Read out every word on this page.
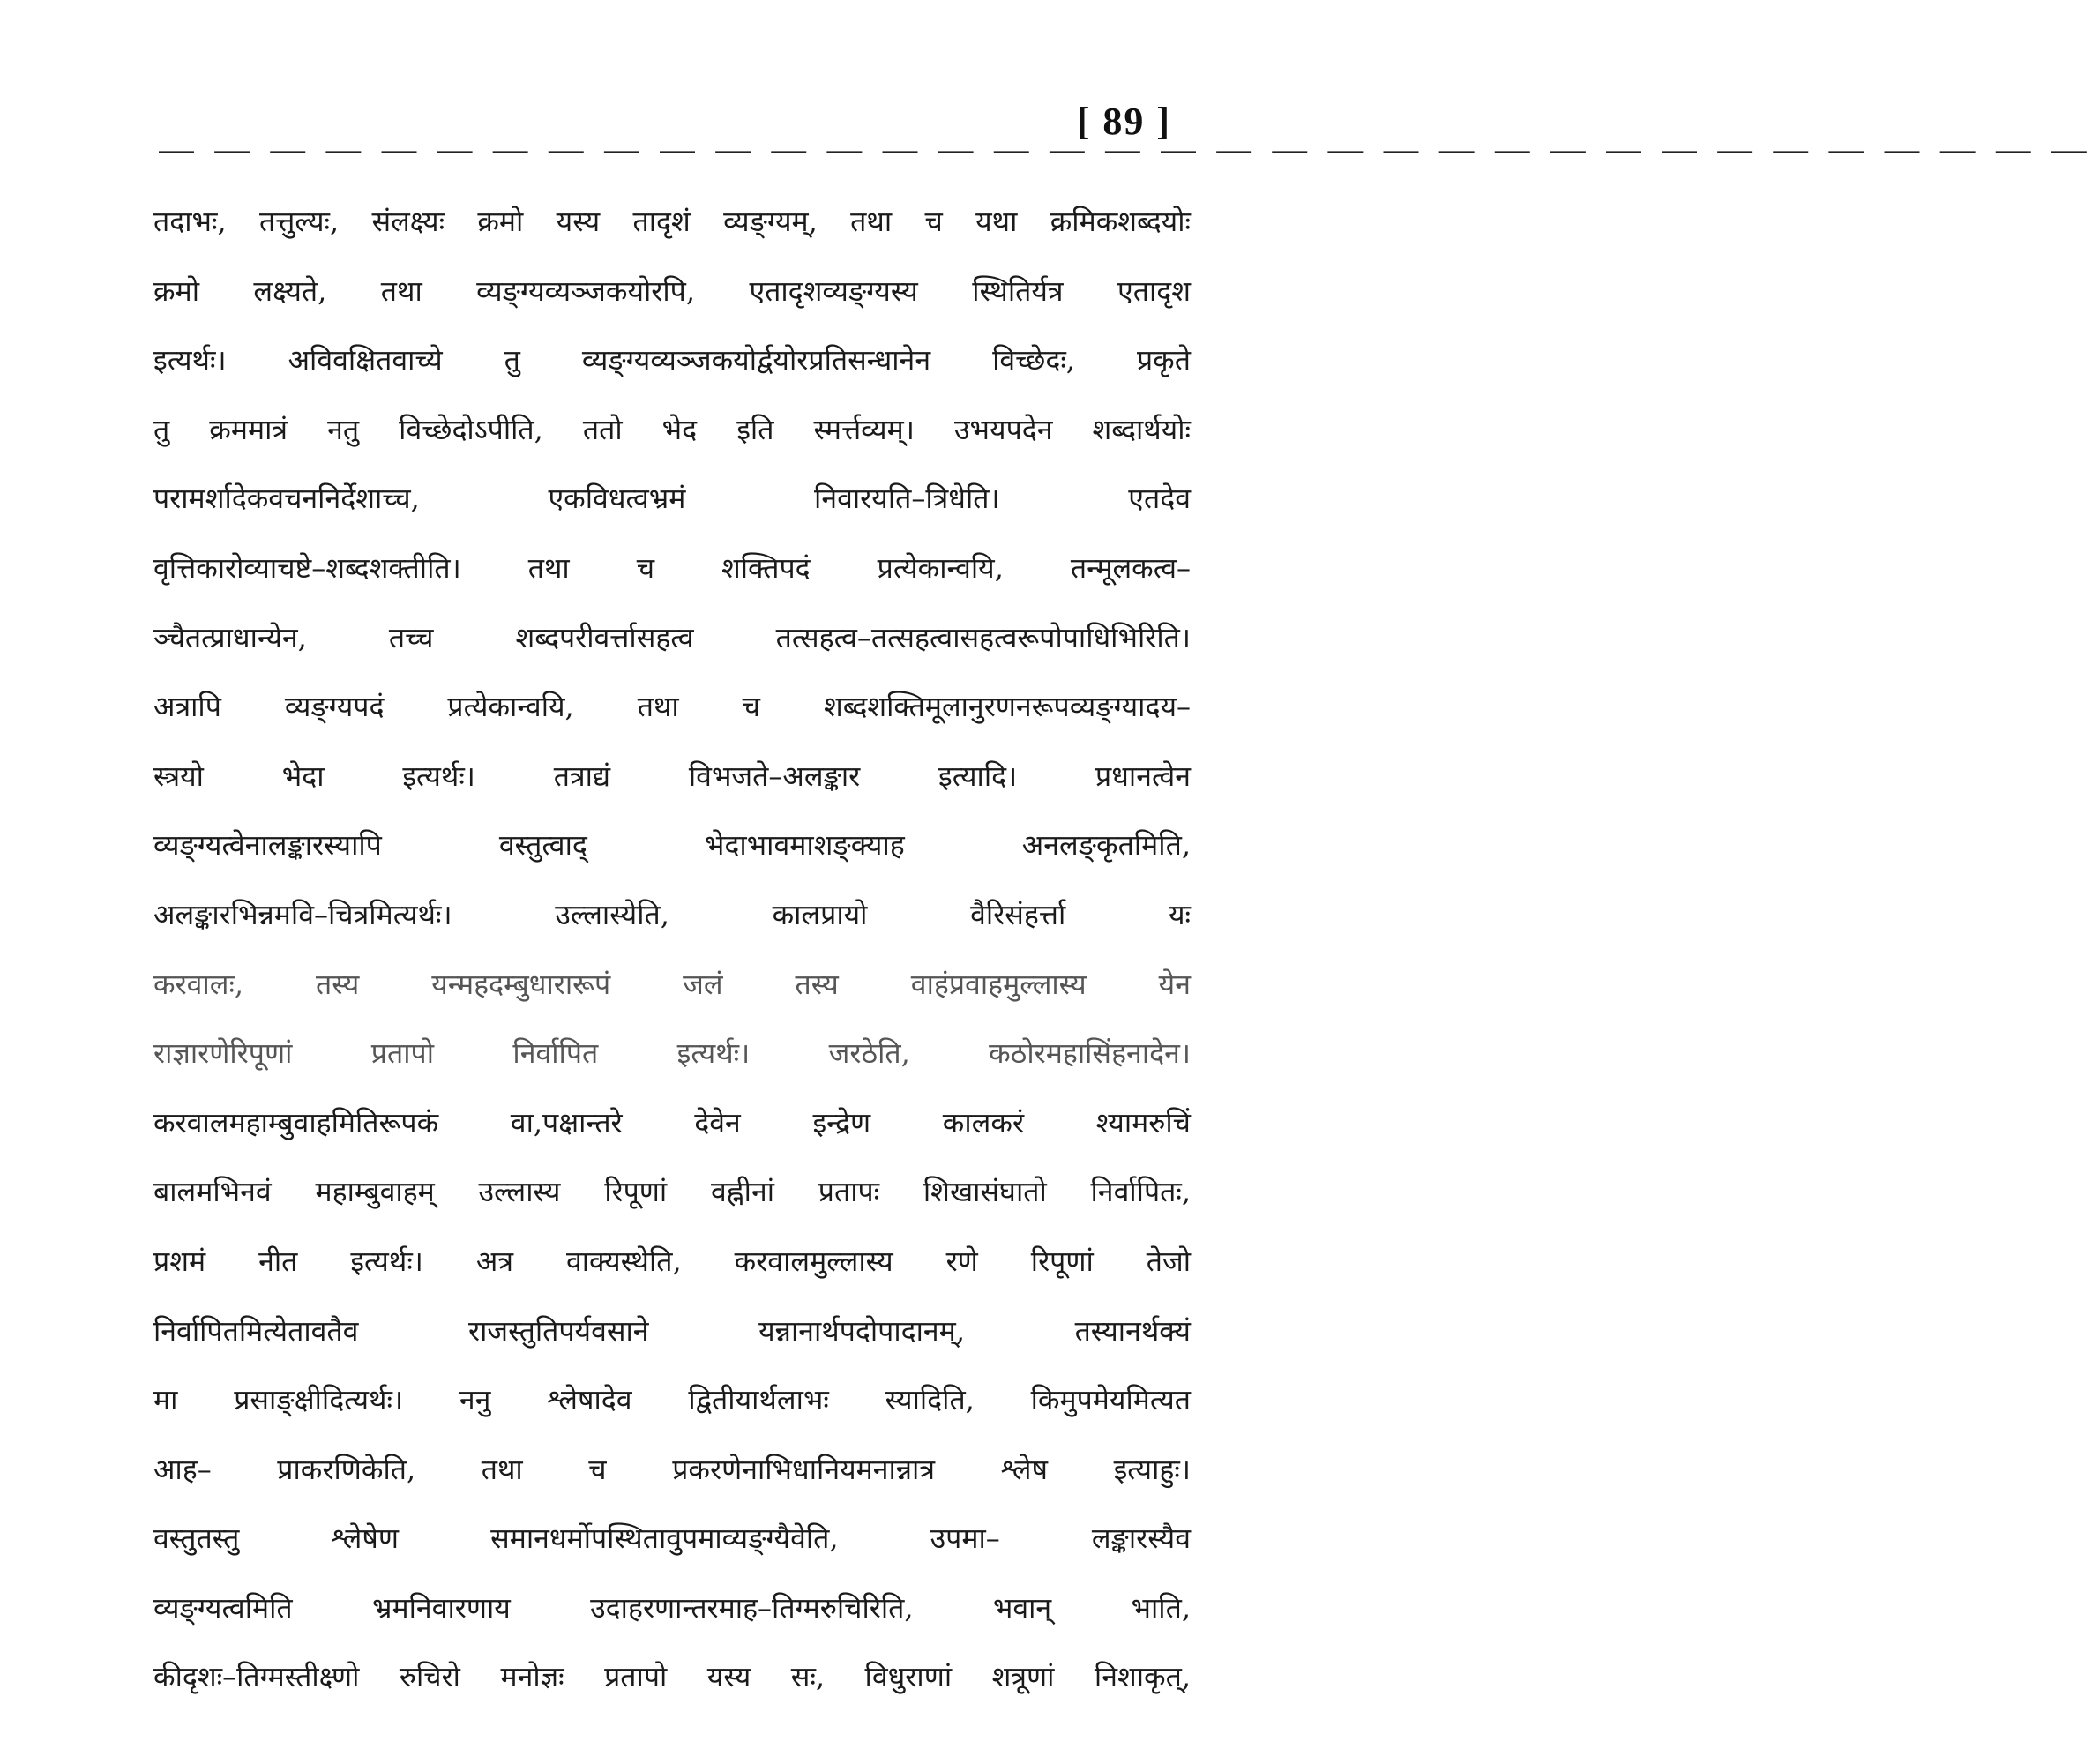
[ 89 ]
— — — — — — — — — — — — — — — — — — — — — — — — — — — — — — — — — — —
तदाभः, तत्तुल्यः, संलक्ष्यः क्रमो यस्य तादृशं व्यङ्ग्यम्, तथा च यथा क्रमिकशब्दयोः
क्रमो लक्ष्यते, तथा व्यङ्ग्यव्यञ्जकयोरपि, एतादृशव्यङ्ग्यस्य स्थितिर्यत्र एतादृश
इत्यर्थः। अविवक्षितवाच्ये तु व्यङ्ग्यव्यञ्जकयोर्द्वयोरप्रतिसन्धानेन विच्छेदः, प्रकृते
तु क्रममात्रं नतु विच्छेदोऽपीति, ततो भेद इति स्मर्त्तव्यम्। उभयपदेन शब्दार्थयोः
परामर्शादेकवचननिर्देशाच्च, एकविधत्वभ्रमं निवारयति–त्रिधेति। एतदेव
वृत्तिकारोव्याचष्टे–शब्दशक्तीति। तथा च शक्तिपदं प्रत्येकान्वयि, तन्मूलकत्व–
ञ्चैतत्प्राधान्येन, तच्च शब्दपरीवर्त्तासहत्व तत्सहत्व–तत्सहत्वासहत्वरूपोपाधिभिरिति।
अत्रापि व्यङ्ग्यपदं प्रत्येकान्वयि, तथा च शब्दशक्तिमूलानुरणनरूपव्यङ्ग्यादय–
स्त्रयो भेदा इत्यर्थः। तत्राद्यं विभजते–अलङ्कार इत्यादि। प्रधानत्वेन
व्यङ्ग्यत्वेनालङ्कारस्यापि वस्तुत्वाद् भेदाभावमाशङ्क्याह अनलङ्कृतमिति,
अलङ्कारभिन्नमवि–चित्रमित्यर्थः। उल्लास्येति, कालप्रायो वैरिसंहर्त्ता यः
करवालः, तस्य यन्महदम्बुधारारूपं जलं तस्य वाहंप्रवाहमुल्लास्य येन
राज्ञारणेरिपूणां प्रतापो निर्वापित इत्यर्थः। जरठेति, कठोरमहासिंहनादेन।
करवालमहाम्बुवाहमितिरूपकं वा,पक्षान्तरे देवेन इन्द्रेण कालकरं श्यामरुचिं
बालमभिनवं महाम्बुवाहम् उल्लास्य रिपूणां वह्नीनां प्रतापः शिखासंघातो निर्वापितः,
प्रशमं नीत इत्यर्थः। अत्र वाक्यस्थेति, करवालमुल्लास्य रणे रिपूणां तेजो
निर्वापितमित्येतावतैव राजस्तुतिपर्यवसाने यन्नानार्थपदोपादानम्, तस्यानर्थक्यं
मा प्रसाङ्क्षीदित्यर्थः। ननु श्लेषादेव द्वितीयार्थलाभः स्यादिति, किमुपमेयमित्यत
आह– प्राकरणिकेति, तथा च प्रकरणेनाभिधानियमनान्नात्र श्लेष इत्याहुः।
वस्तुतस्तु श्लेषेण समानधर्मोपस्थितावुपमाव्यङ्ग्यैवेति, उपमा– लङ्कारस्यैव
व्यङ्ग्यत्वमिति भ्रमनिवारणाय उदाहरणान्तरमाह–तिग्मरुचिरिति, भवान् भाति,
कीदृशः–तिग्मस्तीक्ष्णो रुचिरो मनोज्ञः प्रतापो यस्य सः, विधुराणां शत्रूणां निशाकृत्,
